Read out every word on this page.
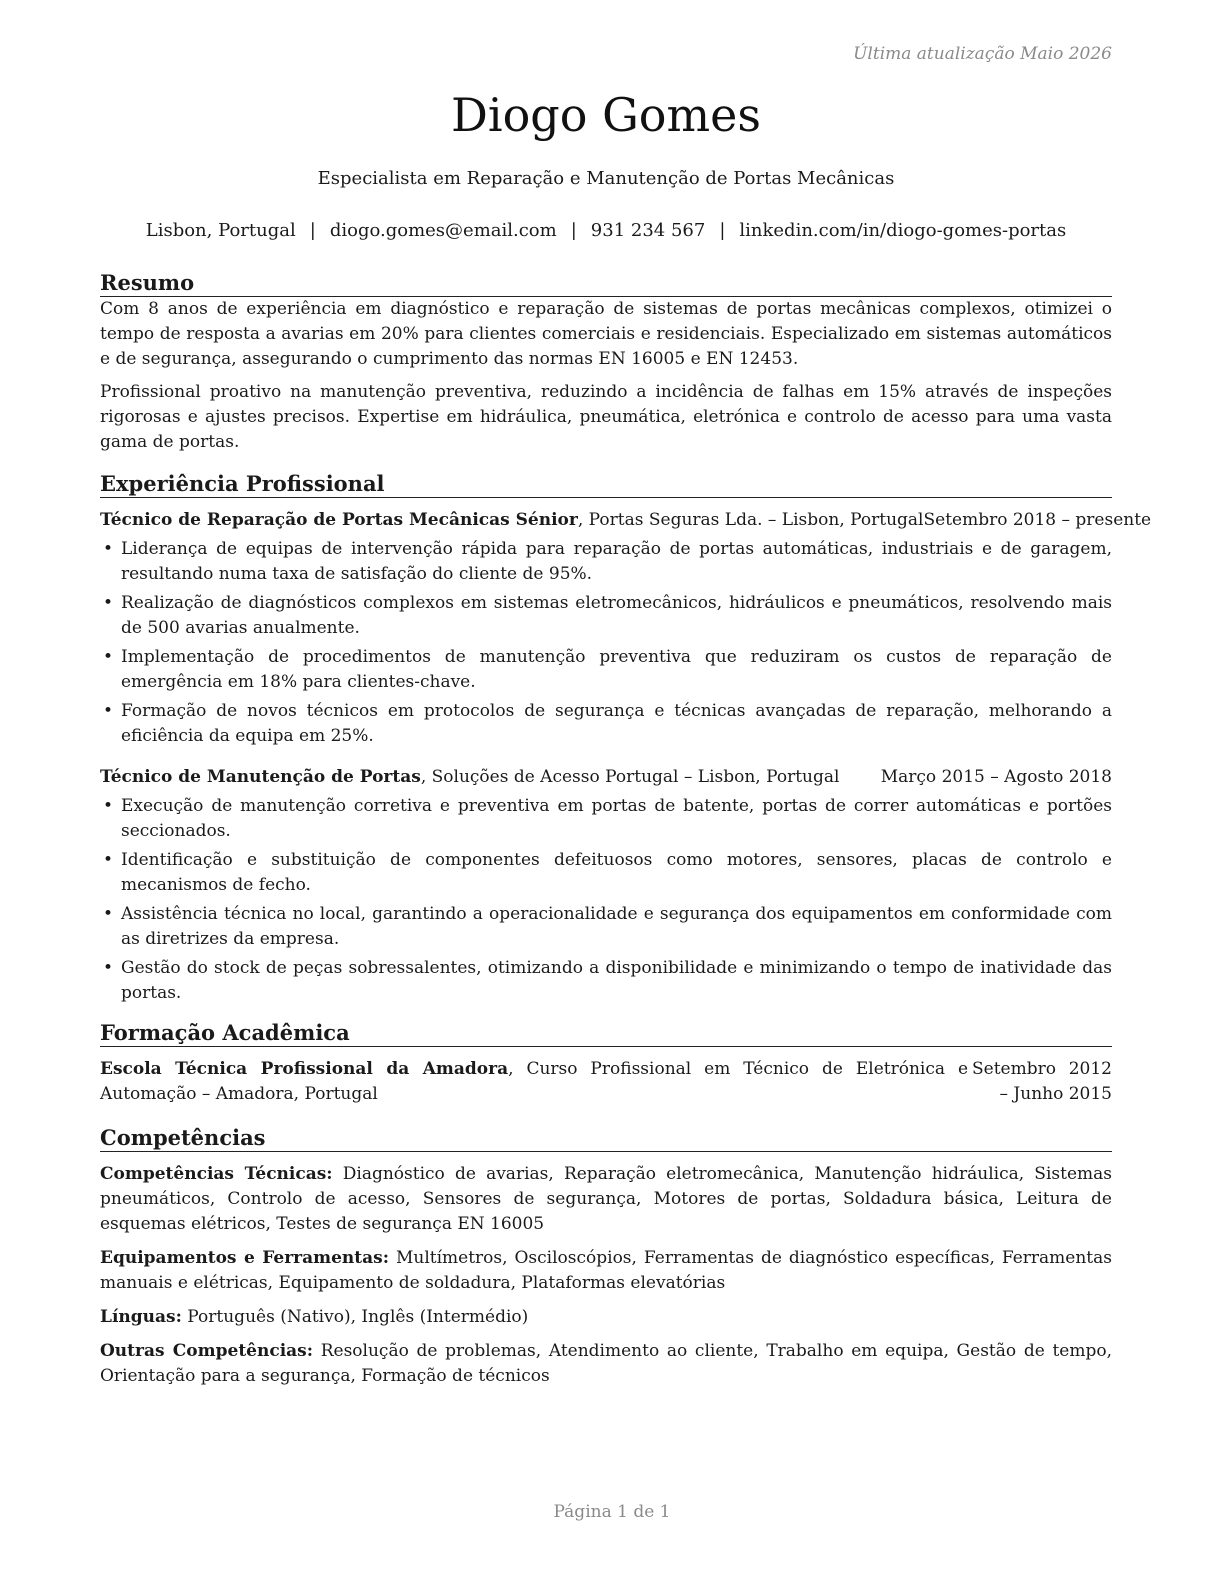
Última atualização Maio 2026
Diogo Gomes
Especialista em Reparação e Manutenção de Portas Mecânicas
Lisbon, Portugal | diogo.gomes@email.com | 931 234 567 | linkedin.com/in/diogo-gomes-portas
Resumo

Com 8 anos de experiência em diagnóstico e reparação de sistemas de portas mecânicas complexos, otimizei o tempo de resposta a avarias em 20% para clientes comerciais e residenciais. Especializado em sistemas automáticos e de segurança, assegurando o cumprimento das normas EN 16005 e EN 12453.

Profissional proativo na manutenção preventiva, reduzindo a incidência de falhas em 15% através de inspeções rigorosas e ajustes precisos. Expertise em hidráulica, pneumática, eletrónica e controlo de acesso para uma vasta gama de portas.

Experiência Profissional
Técnico de Reparação de Portas Mecânicas Sénior, Portas Seguras Lda. – Lisbon, Portugal Setembro 2018 – presente
• Liderança de equipas de intervenção rápida para reparação de portas automáticas, industriais e de garagem, resultando numa taxa de satisfação do cliente de 95%.
• Realização de diagnósticos complexos em sistemas eletromecânicos, hidráulicos e pneumáticos, resolvendo mais de 500 avarias anualmente.
• Implementação de procedimentos de manutenção preventiva que reduziram os custos de reparação de emergência em 18% para clientes-chave.
• Formação de novos técnicos em protocolos de segurança e técnicas avançadas de reparação, melhorando a eficiência da equipa em 25%.
Técnico de Manutenção de Portas, Soluções de Acesso Portugal – Lisbon, Portugal Março 2015 – Agosto 2018
• Execução de manutenção corretiva e preventiva em portas de batente, portas de correr automáticas e portões seccionados.
• Identificação e substituição de componentes defeituosos como motores, sensores, placas de controlo e mecanismos de fecho.
• Assistência técnica no local, garantindo a operacionalidade e segurança dos equipamentos em conformidade com as diretrizes da empresa.
• Gestão do stock de peças sobressalentes, otimizando a disponibilidade e minimizando o tempo de inatividade das portas.
Formação Acadêmica
Escola Técnica Profissional da Amadora, Curso Profissional em Técnico de Eletrónica e Automação – Amadora, Portugal
Setembro 2012 – Junho 2015
Competências

Competências Técnicas: Diagnóstico de avarias, Reparação eletromecânica, Manutenção hidráulica, Sistemas pneumáticos, Controlo de acesso, Sensores de segurança, Motores de portas, Soldadura básica, Leitura de esquemas elétricos, Testes de segurança EN 16005

Equipamentos e Ferramentas: Multímetros, Osciloscópios, Ferramentas de diagnóstico específicas, Ferramentas manuais e elétricas, Equipamento de soldadura, Plataformas elevatórias

Línguas: Português (Nativo), Inglês (Intermédio)

Outras Competências: Resolução de problemas, Atendimento ao cliente, Trabalho em equipa, Gestão de tempo, Orientação para a segurança, Formação de técnicos

Página 1 de 1
